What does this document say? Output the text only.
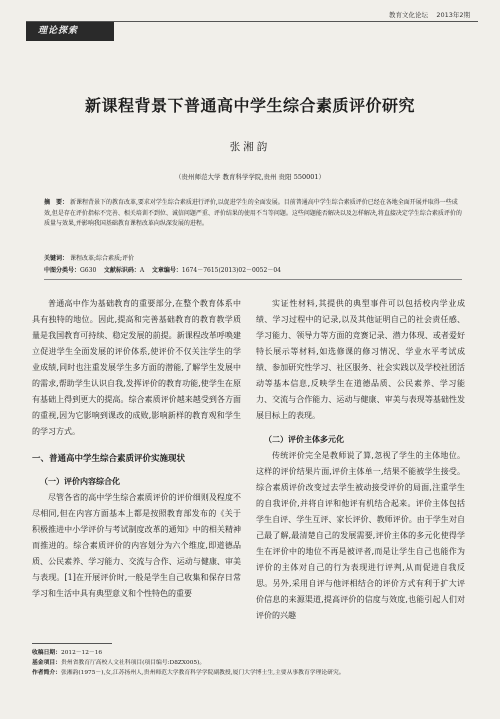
教育文化论坛 2013年2期
理论探索
新课程背景下普通高中学生综合素质评价研究
张湘韵
（贵州师范大学 教育科学学院,贵州 贵阳 550001）
摘　要： 新课程背景下的教育改革,要求对学生综合素质进行评价,以促进学生的全面发展。目前普通高中学生综合素质评价已经在各地全面开展并取得一些成效,但是存在评价指标不完善、相关培训不到位、诚信问题严重、评价结果的使用不当等问题。这些问题能否解决以及怎样解决,将直接决定学生综合素质评价的质量与效果,并影响我国基础教育课程改革向纵深发展的进程。
关键词： 课程改革;综合素质;评价
中图分类号：G630 文献标识码：A 文章编号：1674－7615(2013)02－0052－04

普通高中作为基础教育的重要部分,在整个教育体系中具有独特的地位。因此,提高和完善基础教育的教育教学质量是我国教育可持续、稳定发展的前提。新课程改革呼唤建立促进学生全面发展的评价体系,使评价不仅关注学生的学业成绩,同时也注重发展学生多方面的潜能,了解学生发展中的需求,帮助学生认识自我,发挥评价的教育功能,使学生在原有基础上得到更大的提高。综合素质评价越来越受到各方面的重视,因为它影响到课改的成败,影响新样的教育观和学生的学习方式。

一、普通高中学生综合素质评价实施现状
（一）评价内容综合化

尽管各省的高中学生综合素质评价的评价细则及程度不尽相同,但在内容方面基本上都是按照教育部发布的《关于积极推进中小学评价与考试制度改革的通知》中的相关精神而推进的。综合素质评价的内容划分为六个维度,即道德品质、公民素养、学习能力、交流与合作、运动与健康、审美与表现。[1]在开展评价时,一般是学生自己收集和保存日常学习和生活中具有典型意义和个性特色的重要

实证性材料,其提供的典型事件可以包括校内学业成绩、学习过程中的记录,以及其他证明自己的社会责任感、学习能力、领导力等方面的竞赛记录、潜力体现、或者爱好特长展示等材料,如选修课的修习情况、学业水平考试成绩、参加研究性学习、社区服务、社会实践以及学校社团活动等基本信息,反映学生在道德品质、公民素养、学习能力、交流与合作能力、运动与健康、审美与表现等基础性发展目标上的表现。

（二）评价主体多元化

传统评价完全是教师说了算,忽视了学生的主体地位。这样的评价结果片面,评价主体单一,结果不能被学生接受。综合素质评价改变过去学生被动接受评价的局面,注重学生的自我评价,并将自评和他评有机结合起来。评价主体包括学生自评、学生互评、家长评价、教师评价。由于学生对自己最了解,最清楚自己的发展需要,评价主体的多元化使得学生在评价中的地位不再是被评者,而是让学生自己也能作为评价的主体对自己的行为表现进行评判,从而促进自我反思。另外,采用自评与他评相结合的评价方式有利于扩大评价信息的来源渠道,提高评价的信度与效度,也能引起人们对评价的兴趣

收稿日期：2012－12－16
基金项目：贵州省教育厅高校人文社科项目(项目编号:D8ZX005)。
作者简介：张湘韵(1975－),女,江苏扬州人,贵州师范大学教育科学学院副教授,厦门大学博士生,主要从事教育学理论研究。
